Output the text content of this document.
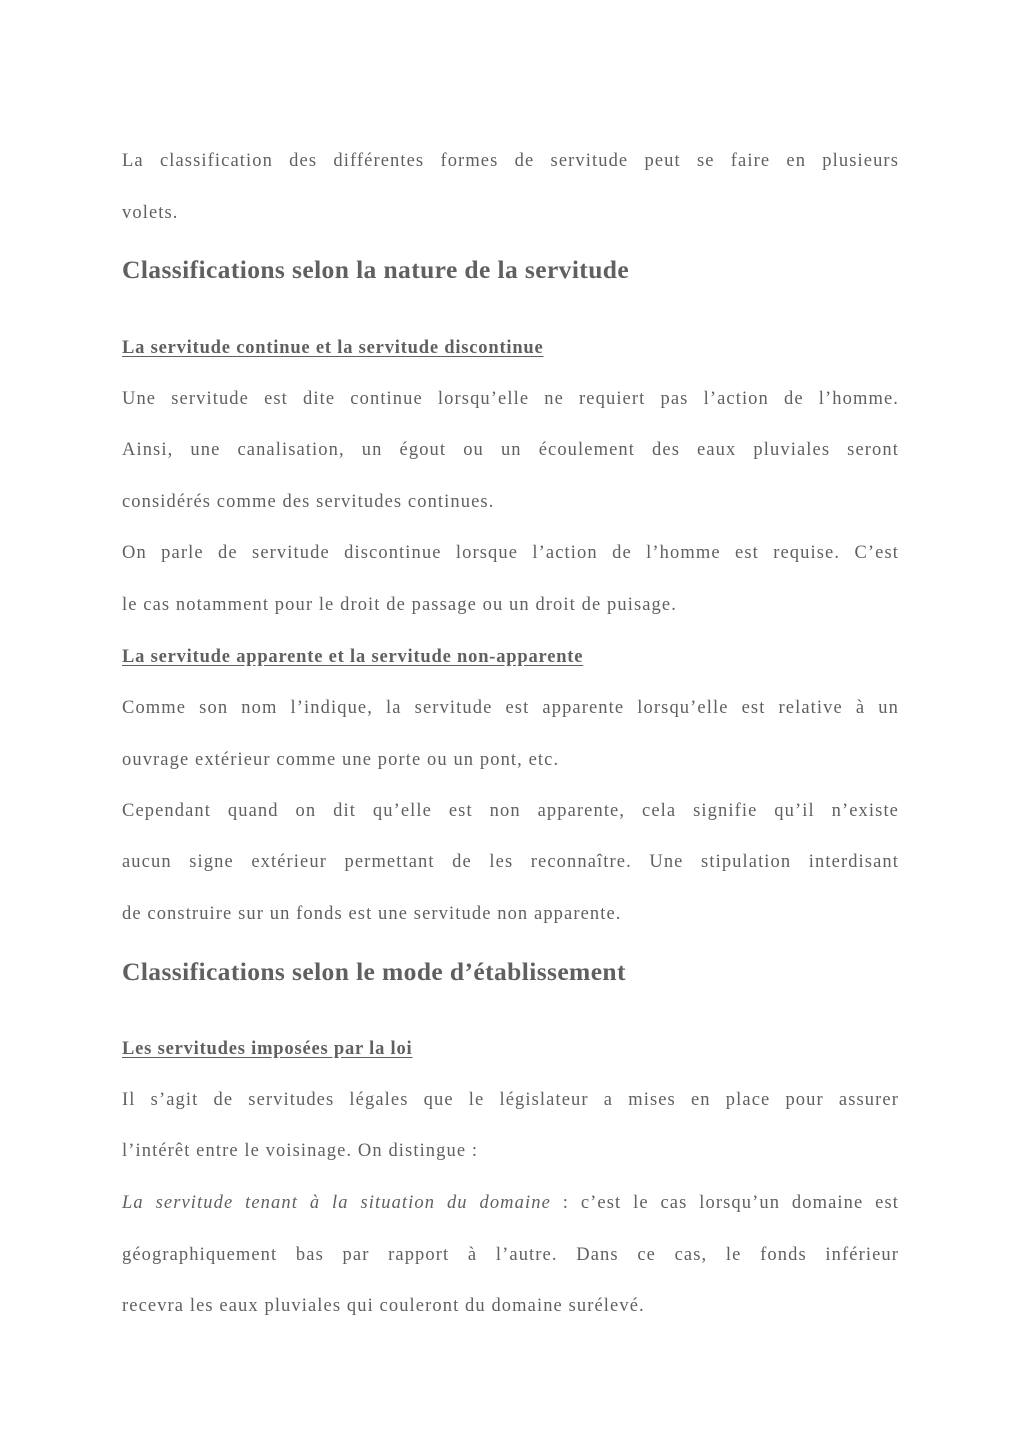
La classification des différentes formes de servitude peut se faire en plusieurs
volets.
Classifications selon la nature de la servitude
La servitude continue et la servitude discontinue
Une servitude est dite continue lorsqu’elle ne requiert pas l’action de l’homme.
Ainsi, une canalisation, un égout ou un écoulement des eaux pluviales seront
considérés comme des servitudes continues.
On parle de servitude discontinue lorsque l’action de l’homme est requise. C’est
le cas notamment pour le droit de passage ou un droit de puisage.
La servitude apparente et la servitude non-apparente
Comme son nom l’indique, la servitude est apparente lorsqu’elle est relative à un
ouvrage extérieur comme une porte ou un pont, etc.
Cependant quand on dit qu’elle est non apparente, cela signifie qu’il n’existe
aucun signe extérieur permettant de les reconnaître. Une stipulation interdisant
de construire sur un fonds est une servitude non apparente.
Classifications selon le mode d’établissement
Les servitudes imposées par la loi
Il s’agit de servitudes légales que le législateur a mises en place pour assurer
l’intérêt entre le voisinage. On distingue :
La servitude tenant à la situation du domaine : c’est le cas lorsqu’un domaine est
géographiquement bas par rapport à l’autre. Dans ce cas, le fonds inférieur
recevra les eaux pluviales qui couleront du domaine surélevé.
